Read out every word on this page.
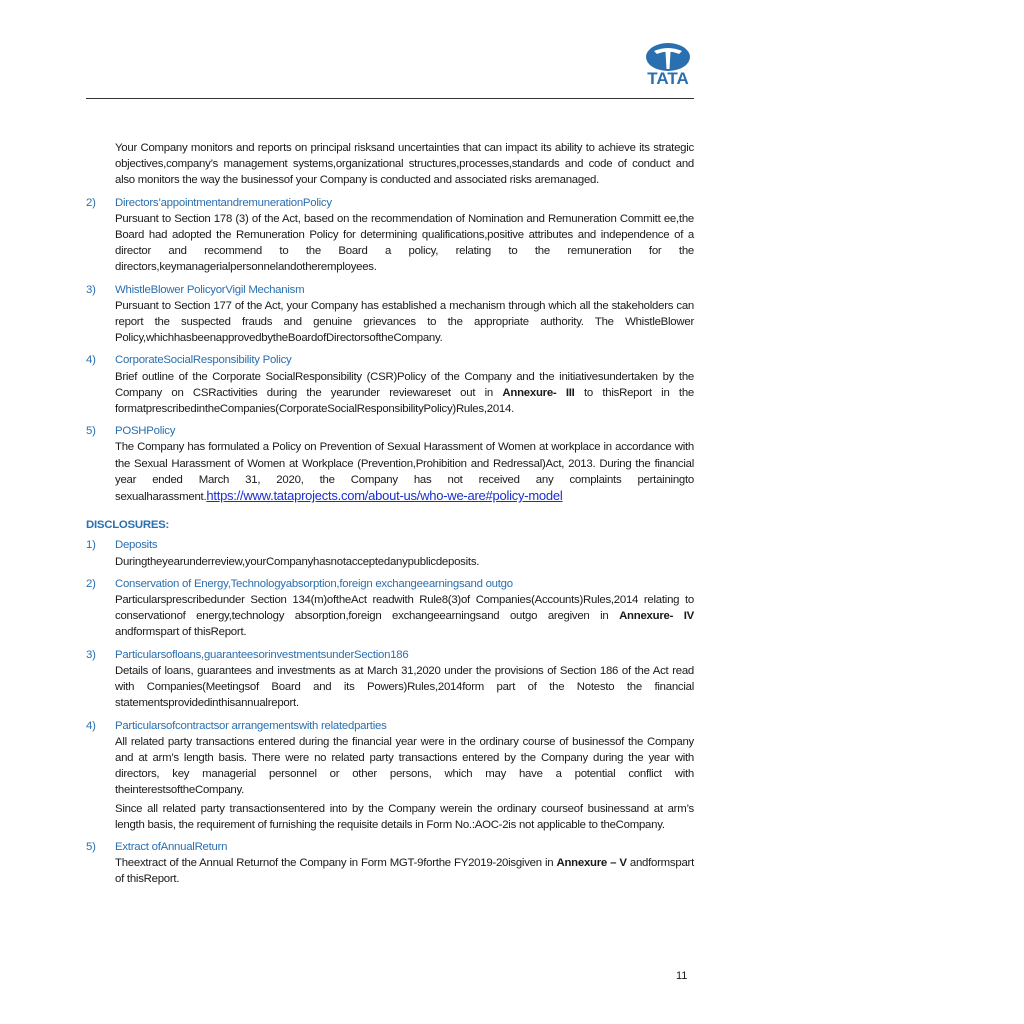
TATA

Your Company monitors and reports on principal risksand uncertainties that can impact its ability to achieve its strategic objectives,company’s management systems,organizational structures,processes,standards and code of conduct and also monitors the way the businessof your Company is conducted and associated risks aremanaged.

2) Directors’appointmentandremunerationPolicy

Pursuant to Section 178 (3) of the Act, based on the recommendation of Nomination and Remuneration Committ ee,the Board had adopted the Remuneration Policy for determining qualifications,positive attributes and independence of a director and recommend to the Board a policy, relating to the remuneration for the directors,keymanagerialpersonnelandotheremployees.

3) WhistleBlower PolicyorVigil Mechanism

Pursuant to Section 177 of the Act, your Company has established a mechanism through which all the stakeholders can report the suspected frauds and genuine grievances to the appropriate authority. The WhistleBlower Policy,whichhasbeenapprovedbytheBoardofDirectorsoftheCompany.

4) CorporateSocialResponsibility Policy

Brief outline of the Corporate SocialResponsibility (CSR)Policy of the Company and the initiativesundertaken by the Company on CSRactivities during the yearunder reviewareset out in Annexure- III to thisReport in the formatprescribedintheCompanies(CorporateSocialResponsibilityPolicy)Rules,2014.

5) POSHPolicy

The Company has formulated a Policy on Prevention of Sexual Harassment of Women at workplace in accordance with the Sexual Harassment of Women at Workplace (Prevention,Prohibition and Redressal)Act, 2013. During the financial year ended March 31, 2020, the Company has not received any complaints pertainingto sexualharassment.https://www.tataprojects.com/about-us/who-we-are#policy-model

DISCLOSURES:
1) Deposits

Duringtheyearunderreview,yourCompanyhasnotacceptedanypublicdeposits.

2) Conservation of Energy,Technologyabsorption,foreign exchangeearningsand outgo

Particularsprescribedunder Section 134(m)oftheAct readwith Rule8(3)of Companies(Accounts)Rules,2014 relating to conservationof energy,technology absorption,foreign exchangeearningsand outgo aregiven in Annexure- IV andformspart of thisReport.

3) Particularsofloans,guaranteesorinvestmentsunderSection186

Details of loans, guarantees and investments as at March 31,2020 under the provisions of Section 186 of the Act read with Companies(Meetingsof Board and its Powers)Rules,2014form part of the Notesto the financial statementsprovidedinthisannualreport.

4) Particularsofcontractsor arrangementswith relatedparties

All related party transactions entered during the financial year were in the ordinary course of businessof the Company and at arm’s length basis. There were no related party transactions entered by the Company during the year with directors, key managerial personnel or other persons, which may have a potential conflict with theinterestsoftheCompany.

Since all related party transactionsentered into by the Company werein the ordinary courseof businessand at arm’s length basis, the requirement of furnishing the requisite details in Form No.:AOC-2is not applicable to theCompany.

5) Extract ofAnnualReturn

Theextract of the Annual Returnof the Company in Form MGT-9forthe FY2019-20isgiven in Annexure – V andformspart of thisReport.

11
